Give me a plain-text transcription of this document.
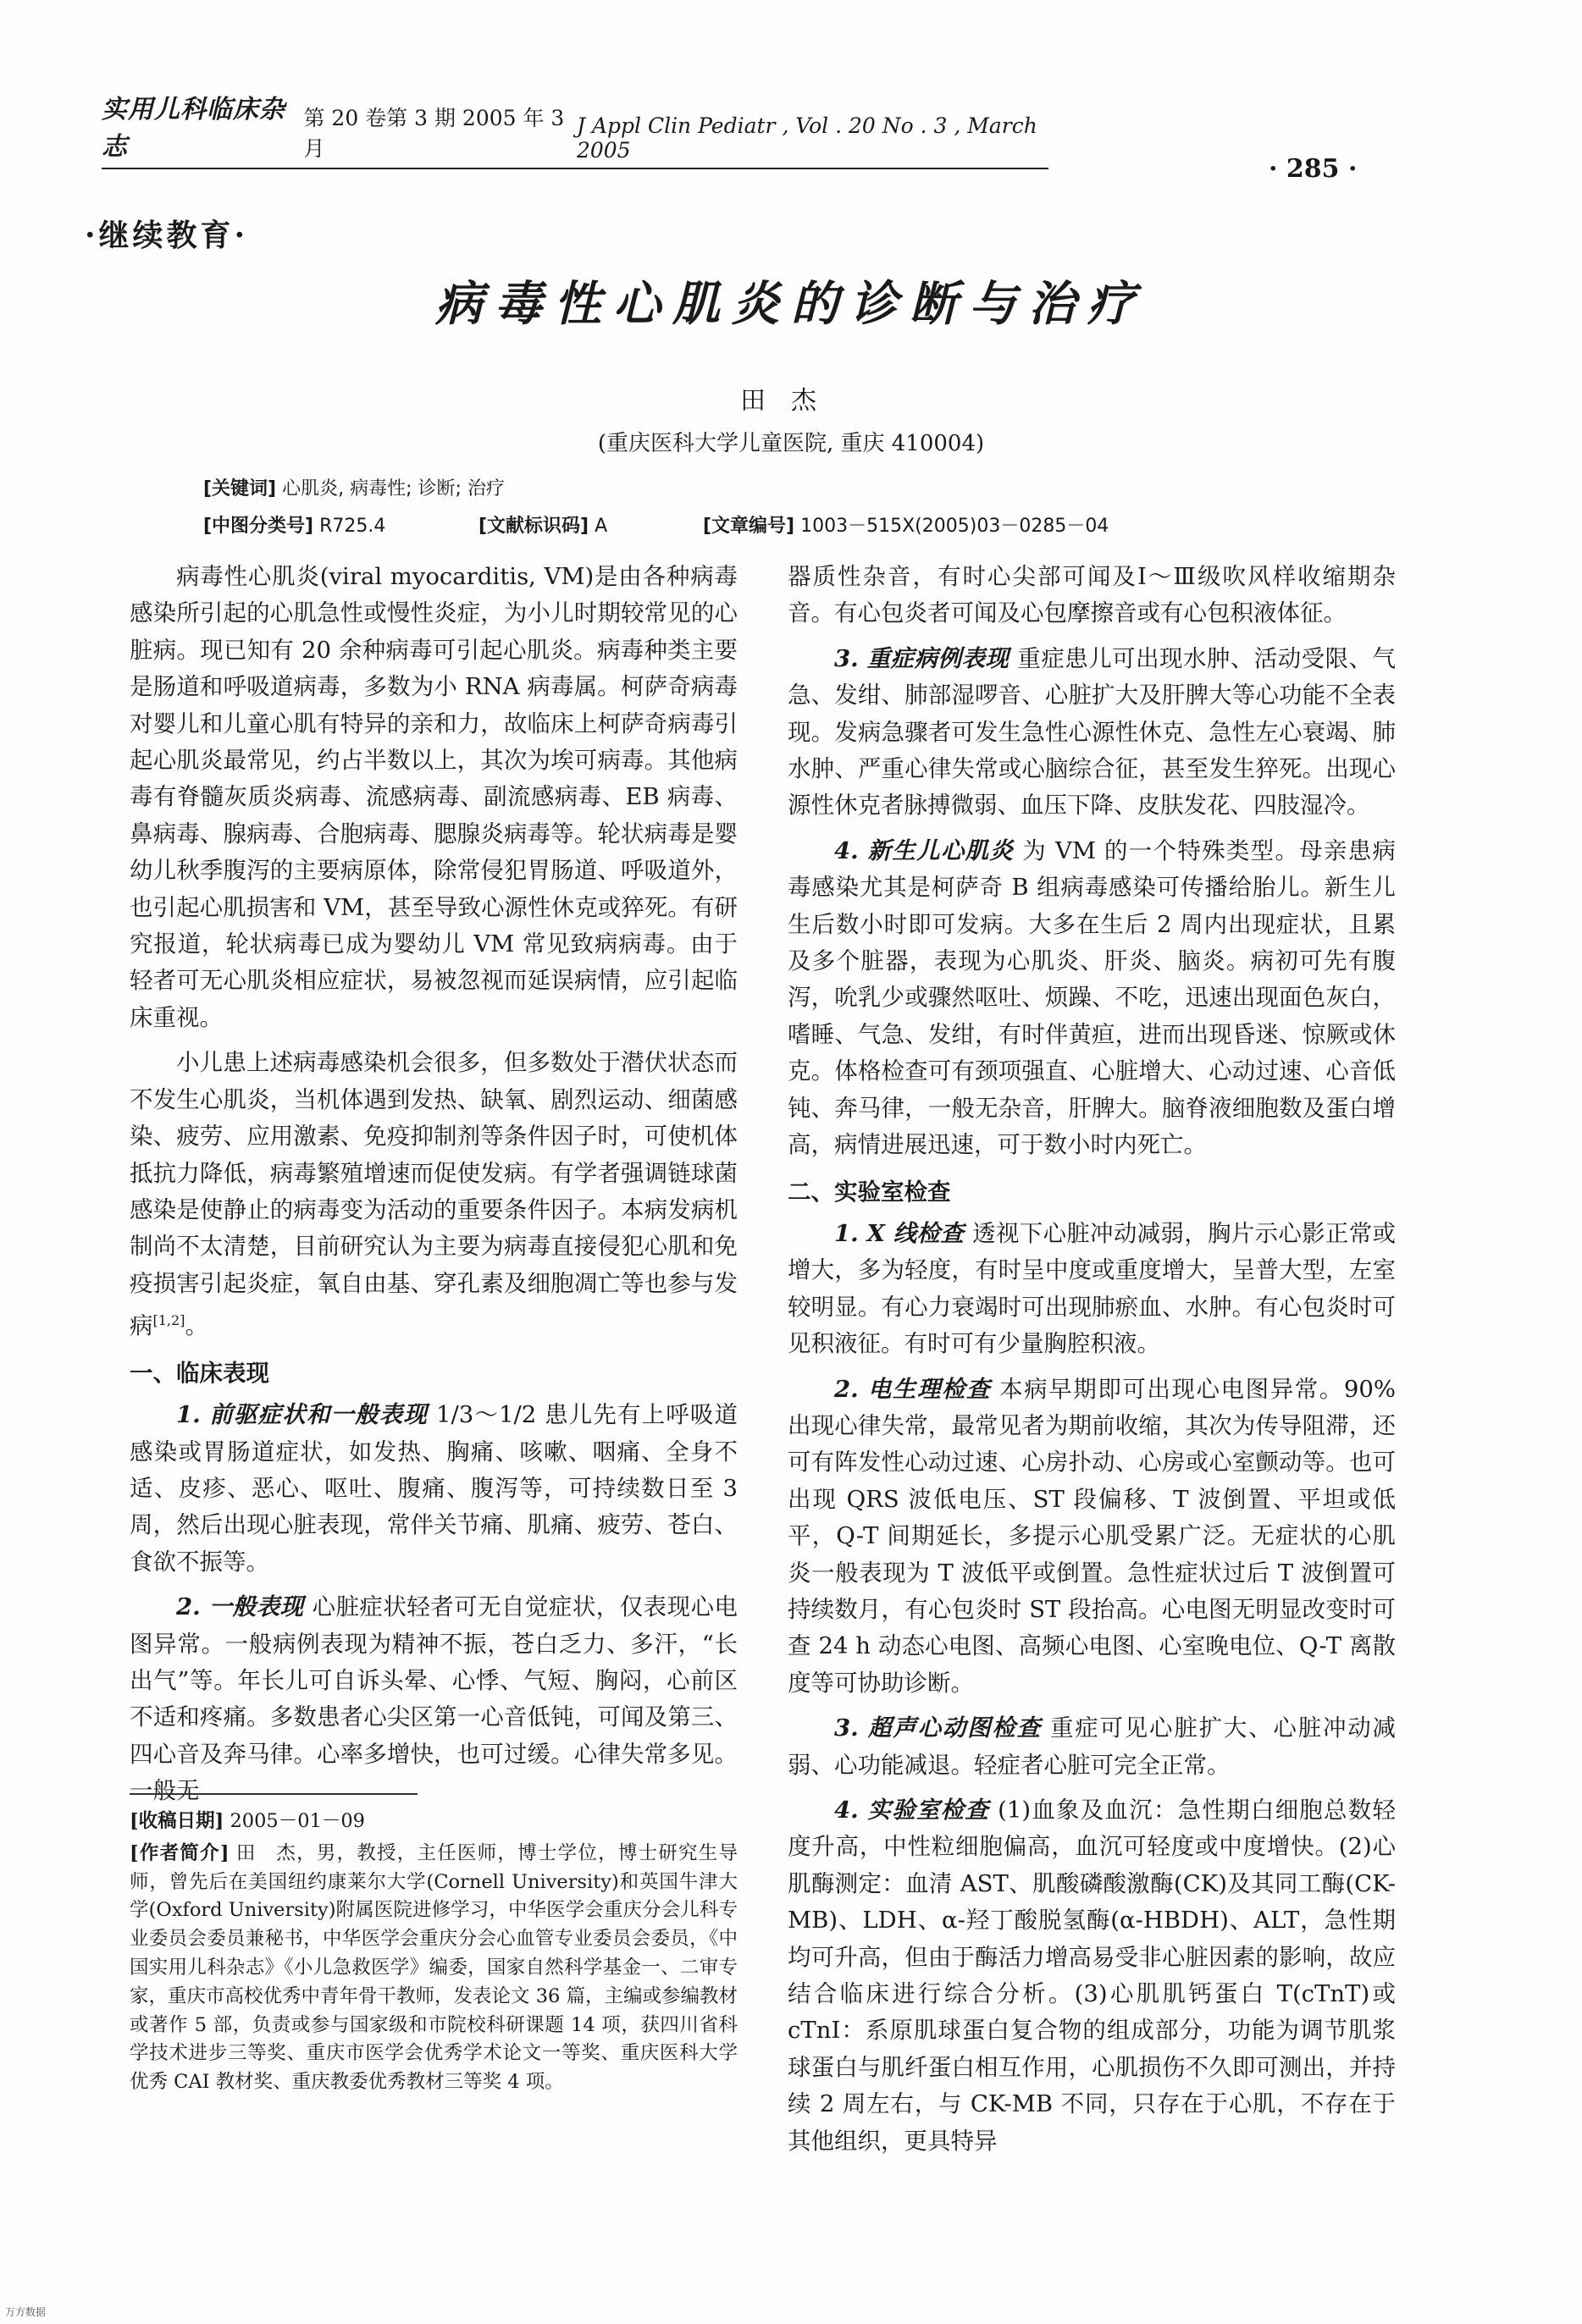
实用儿科临床杂志
第 20 卷第 3 期 2005 年 3 月
J Appl Clin Pediatr , Vol . 20 No . 3 , March 2005
· 285 ·
·继续教育·
病毒性心肌炎的诊断与治疗
田杰
(重庆医科大学儿童医院, 重庆 410004)
[关键词] 心肌炎, 病毒性; 诊断; 治疗
[中图分类号] R725.4	[文献标识码] A	[文章编号] 1003－515X(2005)03－0285－04

病毒性心肌炎(viral myocarditis, VM)是由各种病毒感染所引起的心肌急性或慢性炎症，为小儿时期较常见的心脏病。现已知有 20 余种病毒可引起心肌炎。病毒种类主要是肠道和呼吸道病毒，多数为小 RNA 病毒属。柯萨奇病毒对婴儿和儿童心肌有特异的亲和力，故临床上柯萨奇病毒引起心肌炎最常见，约占半数以上，其次为埃可病毒。其他病毒有脊髓灰质炎病毒、流感病毒、副流感病毒、EB 病毒、鼻病毒、腺病毒、合胞病毒、腮腺炎病毒等。轮状病毒是婴幼儿秋季腹泻的主要病原体，除常侵犯胃肠道、呼吸道外，也引起心肌损害和 VM，甚至导致心源性休克或猝死。有研究报道，轮状病毒已成为婴幼儿 VM 常见致病病毒。由于轻者可无心肌炎相应症状，易被忽视而延误病情，应引起临床重视。

小儿患上述病毒感染机会很多，但多数处于潜伏状态而不发生心肌炎，当机体遇到发热、缺氧、剧烈运动、细菌感染、疲劳、应用激素、免疫抑制剂等条件因子时，可使机体抵抗力降低，病毒繁殖增速而促使发病。有学者强调链球菌感染是使静止的病毒变为活动的重要条件因子。本病发病机制尚不太清楚，目前研究认为主要为病毒直接侵犯心肌和免疫损害引起炎症，氧自由基、穿孔素及细胞凋亡等也参与发病[1,2]。

一、临床表现

1. 前驱症状和一般表现 1/3～1/2 患儿先有上呼吸道感染或胃肠道症状，如发热、胸痛、咳嗽、咽痛、全身不适、皮疹、恶心、呕吐、腹痛、腹泻等，可持续数日至 3 周，然后出现心脏表现，常伴关节痛、肌痛、疲劳、苍白、食欲不振等。

2. 一般表现 心脏症状轻者可无自觉症状，仅表现心电图异常。一般病例表现为精神不振，苍白乏力、多汗，“长出气”等。年长儿可自诉头晕、心悸、气短、胸闷，心前区不适和疼痛。多数患者心尖区第一心音低钝，可闻及第三、四心音及奔马律。心率多增快，也可过缓。心律失常多见。一般无

[收稿日期] 2005－01－09

[作者简介] 田　杰，男，教授，主任医师，博士学位，博士研究生导师，曾先后在美国纽约康莱尔大学(Cornell University)和英国牛津大学(Oxford University)附属医院进修学习，中华医学会重庆分会儿科专业委员会委员兼秘书，中华医学会重庆分会心血管专业委员会委员，《中国实用儿科杂志》《小儿急救医学》编委，国家自然科学基金一、二审专家，重庆市高校优秀中青年骨干教师，发表论文 36 篇，主编或参编教材或著作 5 部，负责或参与国家级和市院校科研课题 14 项，获四川省科学技术进步三等奖、重庆市医学会优秀学术论文一等奖、重庆医科大学优秀 CAI 教材奖、重庆教委优秀教材三等奖 4 项。

器质性杂音，有时心尖部可闻及Ⅰ～Ⅲ级吹风样收缩期杂音。有心包炎者可闻及心包摩擦音或有心包积液体征。

3. 重症病例表现 重症患儿可出现水肿、活动受限、气急、发绀、肺部湿啰音、心脏扩大及肝脾大等心功能不全表现。发病急骤者可发生急性心源性休克、急性左心衰竭、肺水肿、严重心律失常或心脑综合征，甚至发生猝死。出现心源性休克者脉搏微弱、血压下降、皮肤发花、四肢湿冷。

4. 新生儿心肌炎 为 VM 的一个特殊类型。母亲患病毒感染尤其是柯萨奇 B 组病毒感染可传播给胎儿。新生儿生后数小时即可发病。大多在生后 2 周内出现症状，且累及多个脏器，表现为心肌炎、肝炎、脑炎。病初可先有腹泻，吮乳少或骤然呕吐、烦躁、不吃，迅速出现面色灰白，嗜睡、气急、发绀，有时伴黄疸，进而出现昏迷、惊厥或休克。体格检查可有颈项强直、心脏增大、心动过速、心音低钝、奔马律，一般无杂音，肝脾大。脑脊液细胞数及蛋白增高，病情进展迅速，可于数小时内死亡。

二、实验室检查

1. X 线检查 透视下心脏冲动减弱，胸片示心影正常或增大，多为轻度，有时呈中度或重度增大，呈普大型，左室较明显。有心力衰竭时可出现肺瘀血、水肿。有心包炎时可见积液征。有时可有少量胸腔积液。

2. 电生理检查 本病早期即可出现心电图异常。90% 出现心律失常，最常见者为期前收缩，其次为传导阻滞，还可有阵发性心动过速、心房扑动、心房或心室颤动等。也可出现 QRS 波低电压、ST 段偏移、T 波倒置、平坦或低平，Q-T 间期延长，多提示心肌受累广泛。无症状的心肌炎一般表现为 T 波低平或倒置。急性症状过后 T 波倒置可持续数月，有心包炎时 ST 段抬高。心电图无明显改变时可查 24 h 动态心电图、高频心电图、心室晚电位、Q-T 离散度等可协助诊断。

3. 超声心动图检查 重症可见心脏扩大、心脏冲动减弱、心功能减退。轻症者心脏可完全正常。

4. 实验室检查 (1)血象及血沉：急性期白细胞总数轻度升高，中性粒细胞偏高，血沉可轻度或中度增快。(2)心肌酶测定：血清 AST、肌酸磷酸激酶(CK)及其同工酶(CK-MB)、LDH、α-羟丁酸脱氢酶(α-HBDH)、ALT，急性期均可升高，但由于酶活力增高易受非心脏因素的影响，故应结合临床进行综合分析。(3)心肌肌钙蛋白 T(cTnT)或 cTnI：系原肌球蛋白复合物的组成部分，功能为调节肌浆球蛋白与肌纤蛋白相互作用，心肌损伤不久即可测出，并持续 2 周左右，与 CK-MB 不同，只存在于心肌，不存在于其他组织，更具特异

万方数据
